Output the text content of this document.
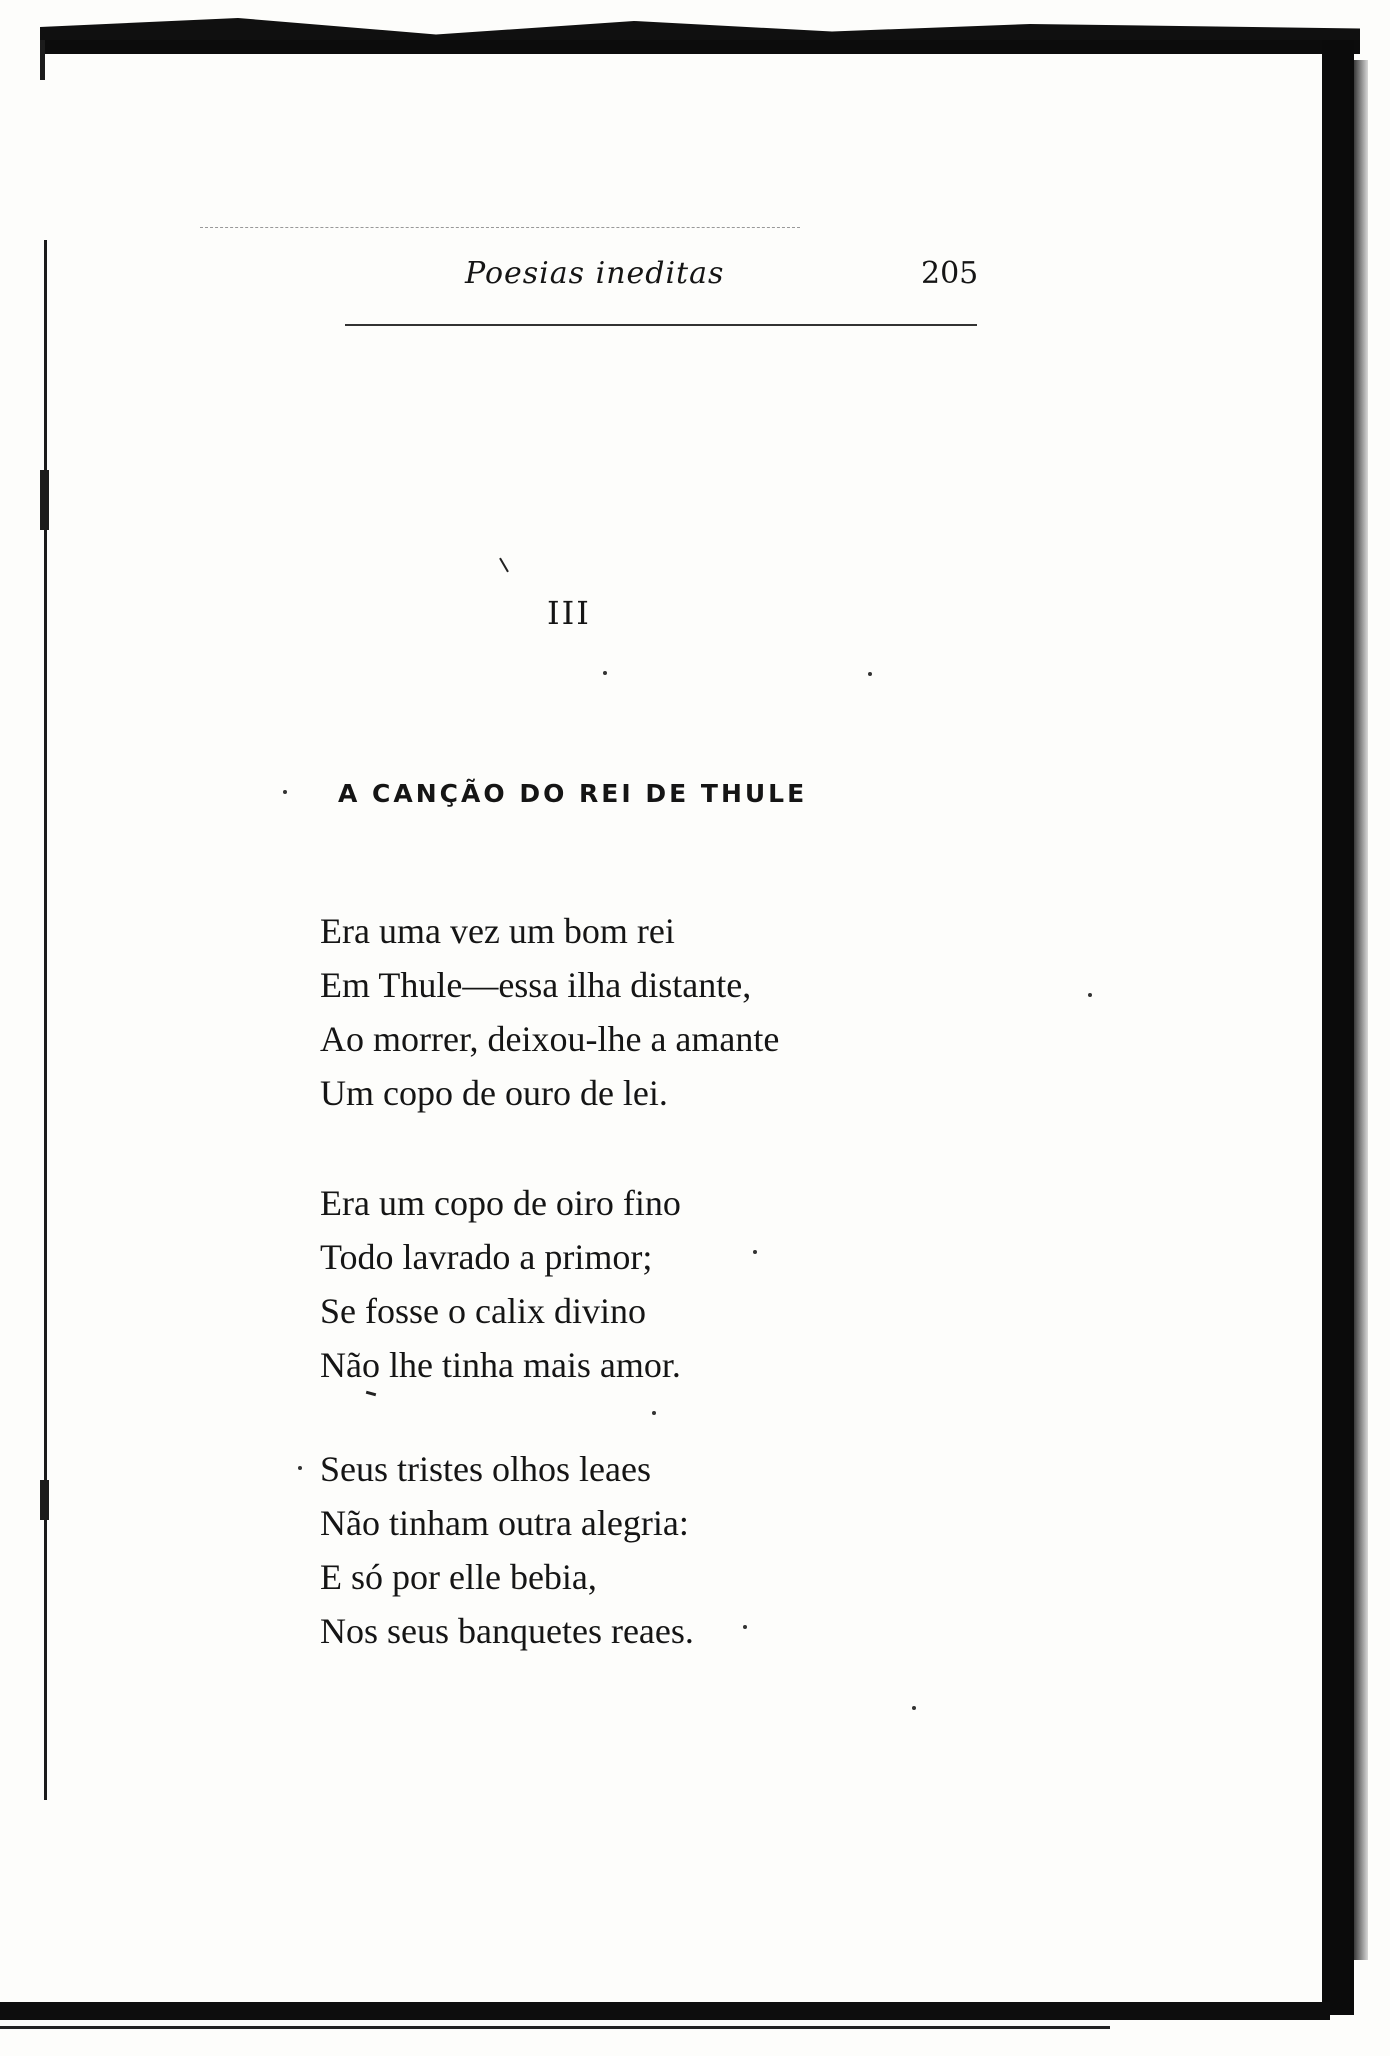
Poesias ineditas	205
III
A CANÇÃO DO REI DE THULE
Era uma vez um bom rei
Em Thule—essa ilha distante,
Ao morrer, deixou-lhe a amante
Um copo de ouro de lei.
Era um copo de oiro fino
Todo lavrado a primor;
Se fosse o calix divino
Não lhe tinha mais amor.
Seus tristes olhos leaes
Não tinham outra alegria:
E só por elle bebia,
Nos seus banquetes reaes.
